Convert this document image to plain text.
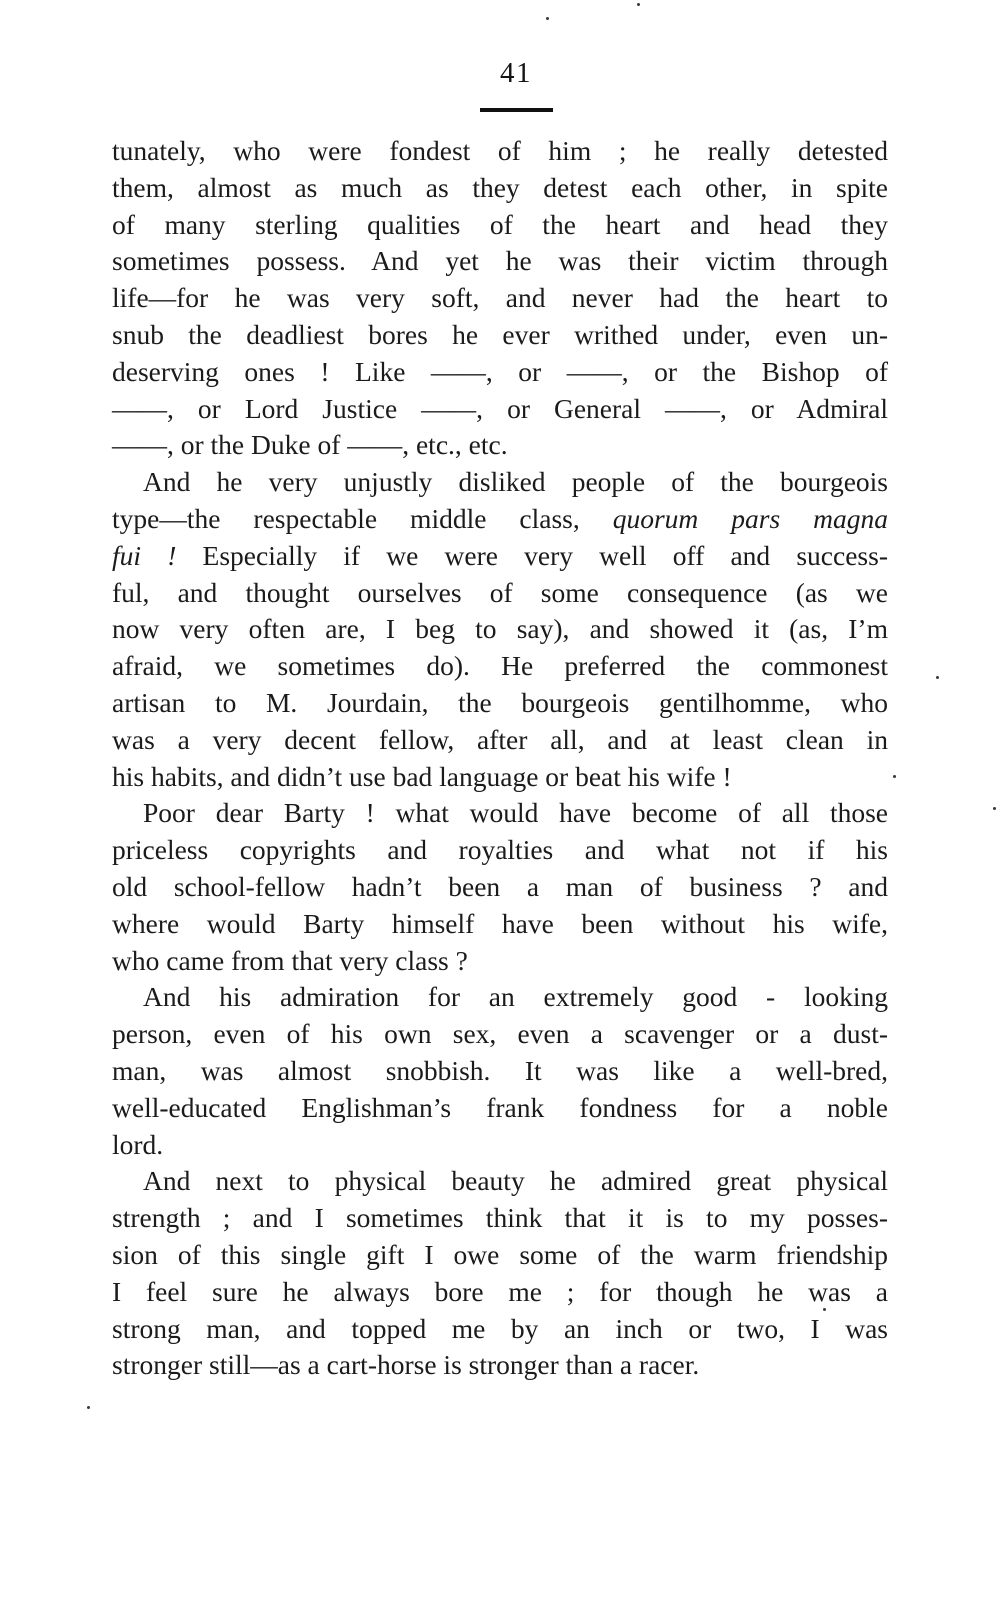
41
tunately, who were fondest of him ; he really detested
them, almost as much as they detest each other, in spite
of many sterling qualities of the heart and head they
sometimes possess. And yet he was their victim through
life—for he was very soft, and never had the heart to
snub the deadliest bores he ever writhed under, even un-
deserving ones ! Like ——, or ——, or the Bishop of
——, or Lord Justice ——, or General ——, or Admiral
——, or the Duke of ——, etc., etc.
And he very unjustly disliked people of the bourgeois
type—the respectable middle class, quorum pars magna
fui ! Especially if we were very well off and success-
ful, and thought ourselves of some consequence (as we
now very often are, I beg to say), and showed it (as, I’m
afraid, we sometimes do). He preferred the commonest
artisan to M. Jourdain, the bourgeois gentilhomme, who
was a very decent fellow, after all, and at least clean in
his habits, and didn’t use bad language or beat his wife !
Poor dear Barty ! what would have become of all those
priceless copyrights and royalties and what not if his
old school-fellow hadn’t been a man of business ? and
where would Barty himself have been without his wife,
who came from that very class ?
And his admiration for an extremely good - looking
person, even of his own sex, even a scavenger or a dust-
man, was almost snobbish. It was like a well-bred,
well-educated Englishman’s frank fondness for a noble
lord.
And next to physical beauty he admired great physical
strength ; and I sometimes think that it is to my posses-
sion of this single gift I owe some of the warm friendship
I feel sure he always bore me ; for though he was a
strong man, and topped me by an inch or two, I was
stronger still—as a cart-horse is stronger than a racer.
